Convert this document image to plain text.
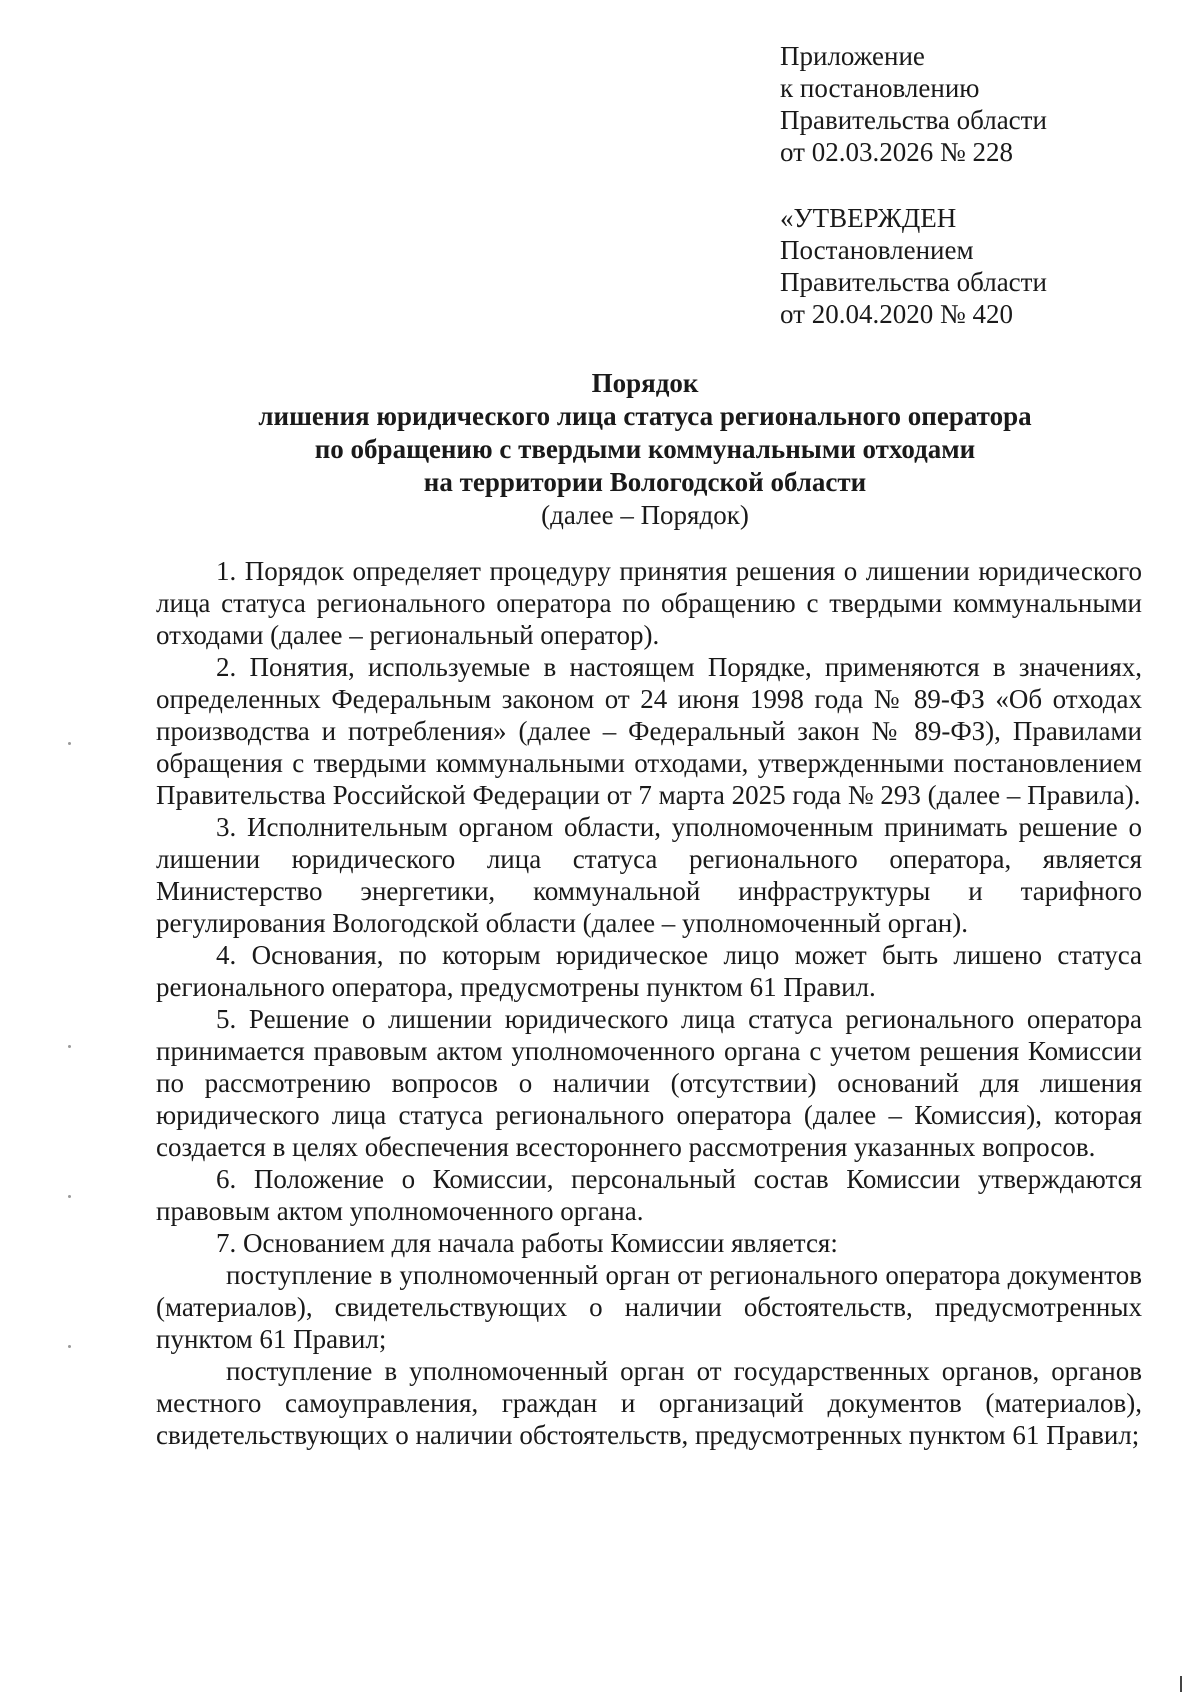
Приложение
к постановлению
Правительства области
от 02.03.2026 № 228
«УТВЕРЖДЕН
Постановлением
Правительства области
от 20.04.2020 № 420
Порядок
лишения юридического лица статуса регионального оператора
по обращению с твердыми коммунальными отходами
на территории Вологодской области
(далее – Порядок)

1. Порядок определяет процедуру принятия решения о лишении юридического лица статуса регионального оператора по обращению с твердыми коммунальными отходами (далее – региональный оператор).

2. Понятия, используемые в настоящем Порядке, применяются в значениях, определенных Федеральным законом от 24 июня 1998 года № 89-ФЗ «Об отходах производства и потребления» (далее – Федеральный закон № 89-ФЗ), Правилами обращения с твердыми коммунальными отходами, утвержденными постановлением Правительства Российской Федерации от 7 марта 2025 года № 293 (далее – Правила).

3. Исполнительным органом области, уполномоченным принимать решение о лишении юридического лица статуса регионального оператора, является Министерство энергетики, коммунальной инфраструктуры и тарифного регулирования Вологодской области (далее – уполномоченный орган).

4. Основания, по которым юридическое лицо может быть лишено статуса регионального оператора, предусмотрены пунктом 61 Правил.

5. Решение о лишении юридического лица статуса регионального оператора принимается правовым актом уполномоченного органа с учетом решения Комиссии по рассмотрению вопросов о наличии (отсутствии) оснований для лишения юридического лица статуса регионального оператора (далее – Комиссия), которая создается в целях обеспечения всестороннего рассмотрения указанных вопросов.

6. Положение о Комиссии, персональный состав Комиссии утверждаются правовым актом уполномоченного органа.

7. Основанием для начала работы Комиссии является:

поступление в уполномоченный орган от регионального оператора документов (материалов), свидетельствующих о наличии обстоятельств, предусмотренных пунктом 61 Правил;

поступление в уполномоченный орган от государственных органов, органов местного самоуправления, граждан и организаций документов (материалов), свидетельствующих о наличии обстоятельств, предусмотренных пунктом 61 Правил;
